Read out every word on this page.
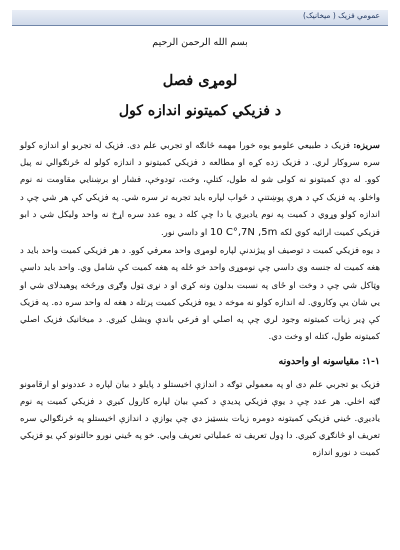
عمومي فزيک ( ميخانيک)
بسم الله الرحمن الرحيم
لومړی فصل
د فزيکي کميتونو اندازه کول

سريزه: فزيک د طبيعي علومو يوه خورا مهمه څانګه او تجربي علم دى. فزيک له تجربو او اندازه کولو سره سروکار لري. د فزيک زده کړه او مطالعه د فزيکي کميتونو د اندازه کولو له څرنګوالي نه پيل کوو. له دې کميتونو نه کولى شو له طول، کتلې، وخت، تودوخې، فشار او برښنايي مقاومت نه نوم واخلو. په فزيک کې د هرې پوښتنې د ځواب لپاره بايد تجربه تر سره شي. په فزيکي کې هر شي چې د اندازه کولو وړوي د کميت په نوم ياديږي يا دا چې کله د يوه عدد سره اړخ نه واحد وليکل شي د ابو فزيکي کميت ارائيه کوي لکه 10 C°,7N ,5m او داسي نور.

د يوه فزيکي کميت د توصيف او پيژندنې لپاره لومړى واحد معرفي کوو. د هر فزيکي کميت واحد بايد د هغه کميت له جنسه وي داسي چې نوموړى واحد خو ځله په هغه کميت کې شامل وي. واحد بايد داسې وټاکل شي چې د وخت او ځاى په نسبت بدلون ونه کړي او د نړى ټول وګړى ورڅخه پوهيدلاى شي او يي شان يې وکاروي. له اندازه کولو نه موخه د يوه فزيکي کميت پرتله د هغه له واحد سره ده. په فزيک کې ډير زيات کميتونه وجود لري چې په اصلي او فرعي باندې ويشل کيږي. د ميخانيک فزيک اصلي کميتونه طول، کتله او وخت دي.

۱-۱: مقياسونه او واحدونه

فزيک يو تجربي علم دى او په معمولي توګه د اندازې اخيستلو د پايلو د بيان لپاره د عددونو او ارقامونو ګټه اخلي. هر عدد چې د يوې فزيکي پديدې د کمې بيان لپاره کارول کيږي د فزيکي کميت په نوم ياديږي. ځيني فزيکي کميتونه دومره زيات بنسټيز دي چې يوازې د اندازې اخيستلو په څرنګوالي سره تعريف او څانګړي کيږي. دا ډول تعريف ته عملياتي تعريف وايي. خو په ځيني نورو حالتونو کې يو فزيکي کميت د نورو اندازه
